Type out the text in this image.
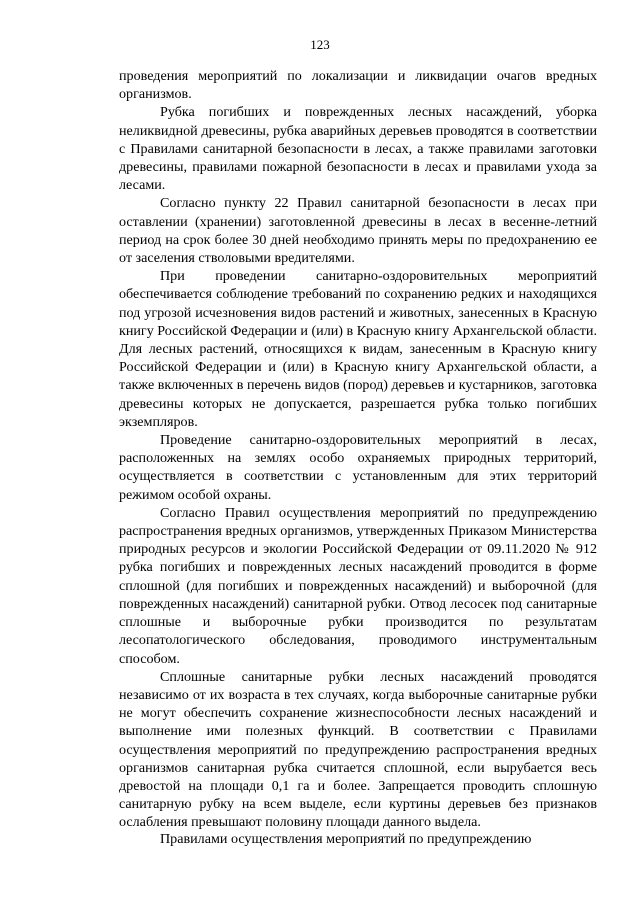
123

проведения мероприятий по локализации и ликвидации очагов вредных организмов.

Рубка погибших и поврежденных лесных насаждений, уборка неликвидной древесины, рубка аварийных деревьев проводятся в соответствии с Правилами санитарной безопасности в лесах, а также правилами заготовки древесины, правилами пожарной безопасности в лесах и правилами ухода за лесами.

Согласно пункту 22 Правил санитарной безопасности в лесах при оставлении (хранении) заготовленной древесины в лесах в весенне-летний период на срок более 30 дней необходимо принять меры по предохранению ее от заселения стволовыми вредителями.

При проведении санитарно-оздоровительных мероприятий обеспечивается соблюдение требований по сохранению редких и находящихся под угрозой исчезновения видов растений и животных, занесенных в Красную книгу Российской Федерации и (или) в Красную книгу Архангельской области. Для лесных растений, относящихся к видам, занесенным в Красную книгу Российской Федерации и (или) в Красную книгу Архангельской области, а также включенных в перечень видов (пород) деревьев и кустарников, заготовка древесины которых не допускается, разрешается рубка только погибших экземпляров.

Проведение санитарно-оздоровительных мероприятий в лесах, расположенных на землях особо охраняемых природных территорий, осуществляется в соответствии с установленным для этих территорий режимом особой охраны.

Согласно Правил осуществления мероприятий по предупреждению распространения вредных организмов, утвержденных Приказом Министерства природных ресурсов и экологии Российской Федерации от 09.11.2020 № 912 рубка погибших и поврежденных лесных насаждений проводится в форме сплошной (для погибших и поврежденных насаждений) и выборочной (для поврежденных насаждений) санитарной рубки. Отвод лесосек под санитарные сплошные и выборочные рубки производится по результатам лесопатологического обследования, проводимого инструментальным способом.

Сплошные санитарные рубки лесных насаждений проводятся независимо от их возраста в тех случаях, когда выборочные санитарные рубки не могут обеспечить сохранение жизнеспособности лесных насаждений и выполнение ими полезных функций. В соответствии с Правилами осуществления мероприятий по предупреждению распространения вредных организмов санитарная рубка считается сплошной, если вырубается весь древостой на площади 0,1 га и более. Запрещается проводить сплошную санитарную рубку на всем выделе, если куртины деревьев без признаков ослабления превышают половину площади данного выдела.

Правилами осуществления мероприятий по предупреждению
